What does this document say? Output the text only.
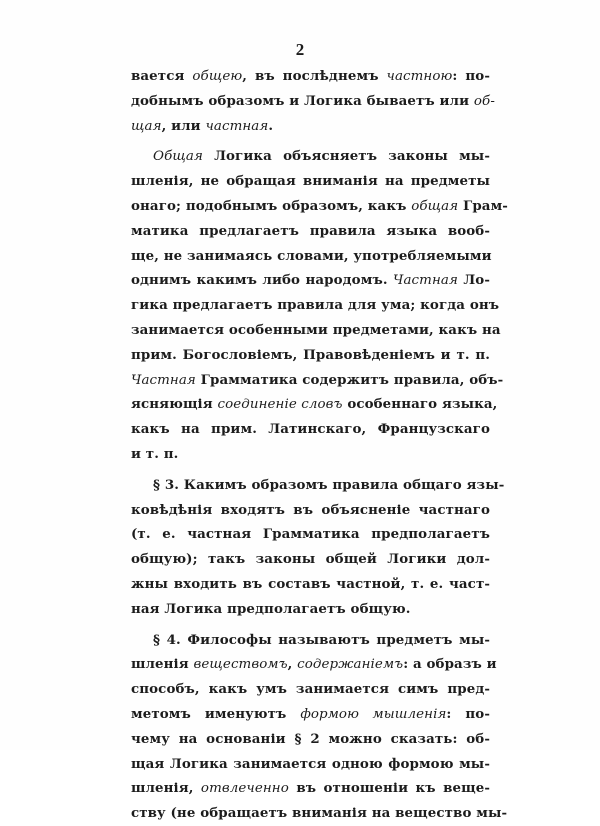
2
вается общею, въ послѣднемъ частною: по-
добнымъ образомъ и Логика бываетъ или об-
щая, или частная.
Общая Логика объясняетъ законы мы-
шленія, не обращая вниманія на предметы
онаго; подобнымъ образомъ, какъ общая Грам-
матика предлагаетъ правила языка вооб-
ще, не занимаясь словами, употребляемыми
однимъ какимъ либо народомъ. Частная Ло-
гика предлагаетъ правила для ума; когда онъ
занимается особенными предметами, какъ на
прим. Богословіемъ, Правовѣденіемъ и т. п.
Частная Грамматика содержитъ правила, объ-
ясняющія соединеніе словъ особеннаго языка,
какъ на прим. Латинскаго, Французскаго
и т. п.
§ 3. Какимъ образомъ правила общаго язы-
ковѣдѣнія входятъ въ объясненіе частнаго
(т. е. частная Грамматика предполагаетъ
общую); такъ законы общей Логики дол-
жны входить въ составъ частной, т. е. част-
ная Логика предполагаетъ общую.
§ 4. Философы называютъ предметъ мы-
шленія веществомъ, содержаніемъ: а образъ и
способъ, какъ умъ занимается симъ пред-
метомъ именуютъ формою мышленія: по-
чему на основаніи § 2 можно сказать: об-
щая Логика занимается одною формою мы-
шленія, отвлеченно въ отношеніи къ веще-
ству (не обращаетъ вниманія на вещество мы-
